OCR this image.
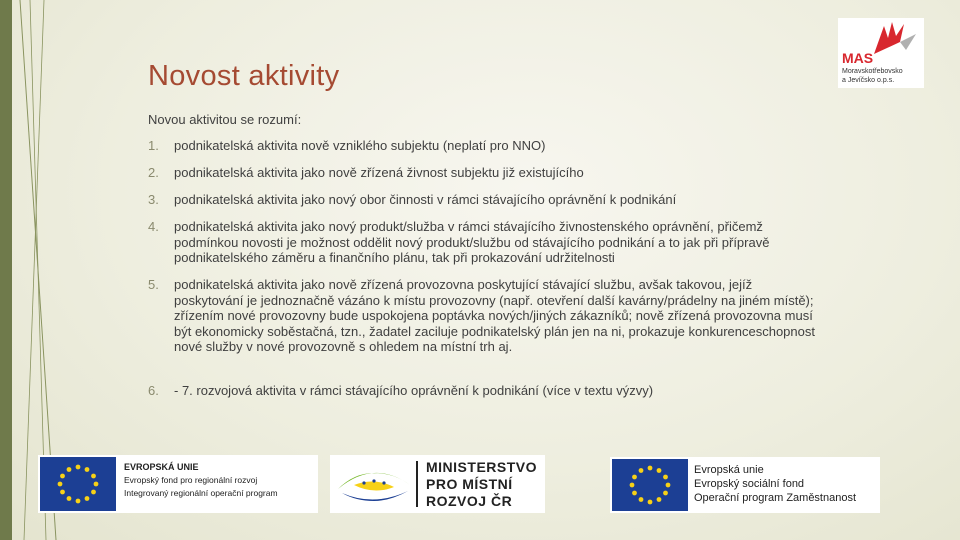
Novost aktivity
MAS
Moravskotřebovsko
a Jevíčsko o.p.s.
Novou aktivitou se rozumí:
1. podnikatelská aktivita nově vzniklého subjektu (neplatí pro NNO)
2. podnikatelská aktivita jako nově zřízená živnost subjektu již existujícího
3. podnikatelská aktivita jako nový obor činnosti v rámci stávajícího oprávnění k podnikání
4. podnikatelská aktivita jako nový produkt/služba v rámci stávajícího živnostenského oprávnění, přičemž podmínkou novosti je možnost oddělit nový produkt/službu od stávajícího podnikání a to jak při přípravě podnikatelského záměru a finančního plánu, tak při prokazování udržitelnosti
5. podnikatelská aktivita jako nově zřízená provozovna poskytující stávající službu, avšak takovou, jejíž poskytování je jednoznačně vázáno k místu provozovny (např. otevření další kavárny/prádelny na jiném místě); zřízením nové provozovny bude uspokojena poptávka nových/jiných zákazníků; nově zřízená provozovna musí být ekonomicky soběstačná, tzn., žadatel zaciluje podnikatelský plán jen na ni, prokazuje konkurenceschopnost nové služby v nové provozovně s ohledem na místní trh aj.
6. - 7. rozvojová aktivita v rámci stávajícího oprávnění k podnikání (více v textu výzvy)
EVROPSKÁ UNIE
Evropský fond pro regionální rozvoj
Integrovaný regionální operační program
MINISTERSTVO
PRO MÍSTNÍ
ROZVOJ ČR
Evropská unie
Evropský sociální fond
Operační program Zaměstnanost
